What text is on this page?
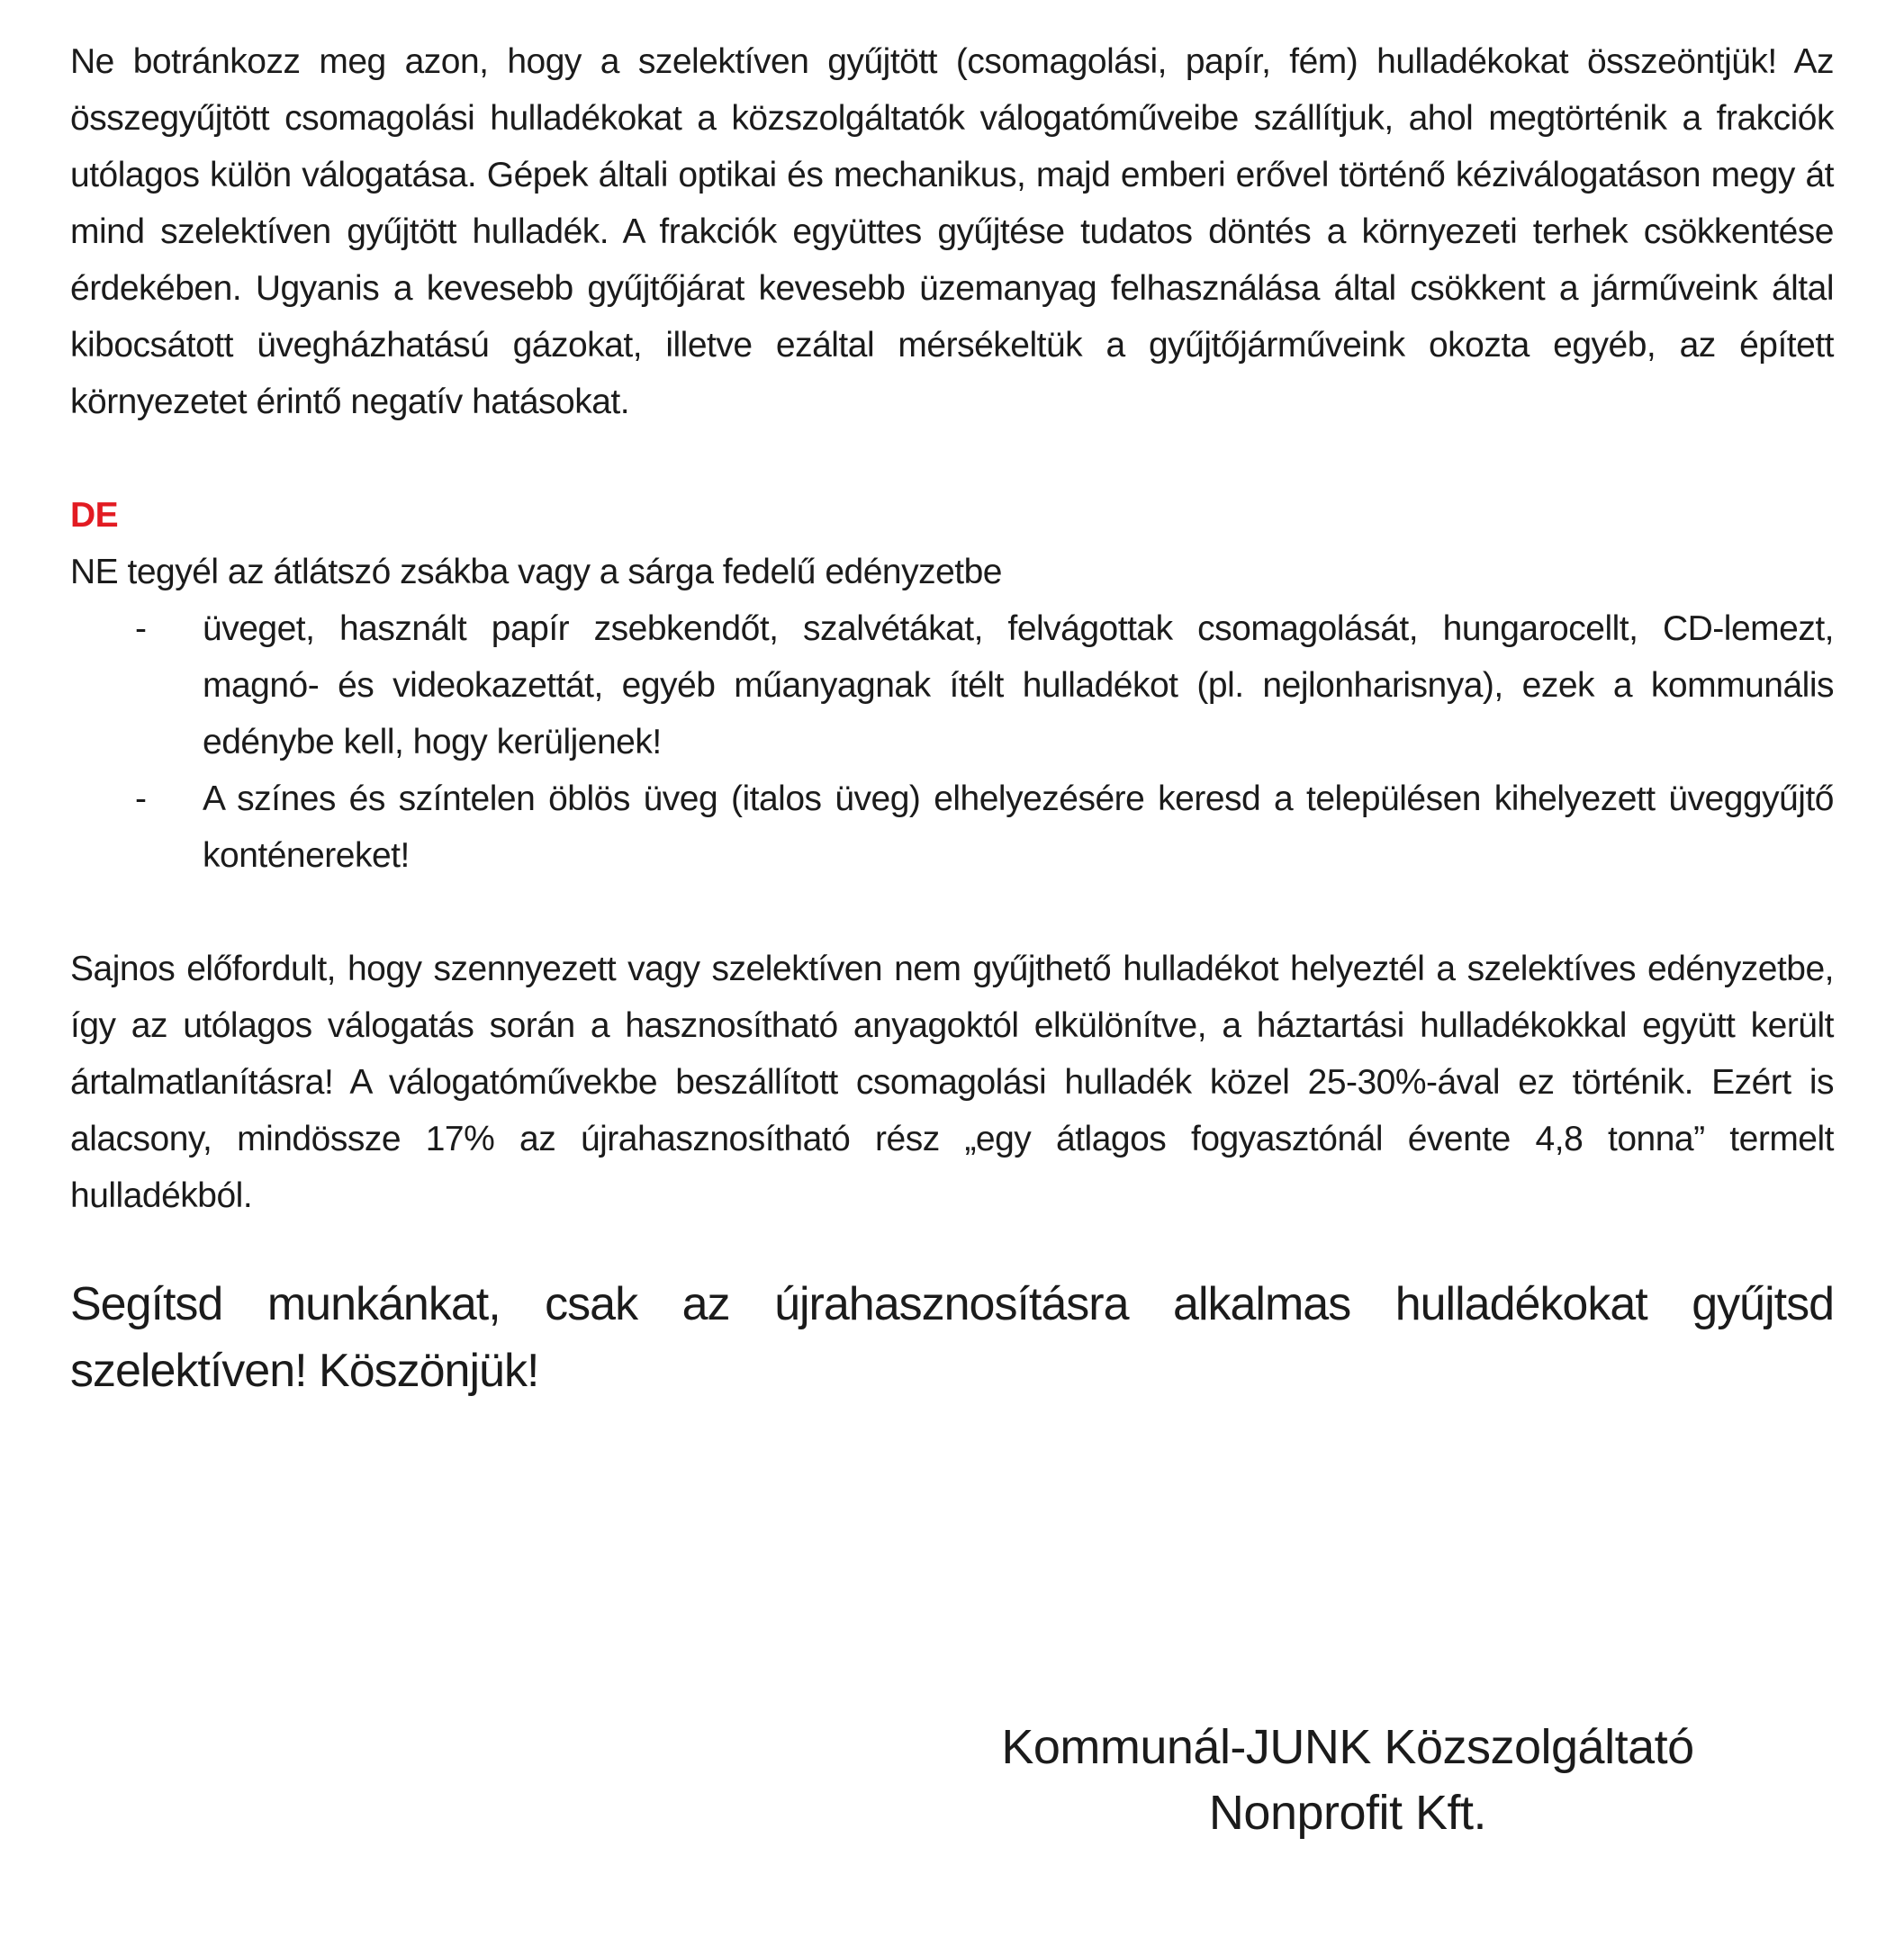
Ne botránkozz meg azon, hogy a szelektíven gyűjtött (csomagolási, papír, fém) hulladékokat összeöntjük! Az összegyűjtött csomagolási hulladékokat a közszolgáltatók válogatóműveibe szállítjuk, ahol megtörténik a frakciók utólagos külön válogatása. Gépek általi optikai és mechanikus, majd emberi erővel történő kéziválogatáson megy át mind szelektíven gyűjtött hulladék. A frakciók együttes gyűjtése tudatos döntés a környezeti terhek csökkentése érdekében. Ugyanis a kevesebb gyűjtőjárat kevesebb üzemanyag felhasználása által csökkent a járműveink által kibocsátott üvegházhatású gázokat, illetve ezáltal mérsékeltük a gyűjtőjárműveink okozta egyéb, az épített környezetet érintő negatív hatásokat.

DE

NE tegyél az átlátszó zsákba vagy a sárga fedelű edényzetbe

-	üveget, használt papír zsebkendőt, szalvétákat, felvágottak csomagolását, hungarocellt, CD-lemezt, magnó- és videokazettát, egyéb műanyagnak ítélt hulladékot (pl. nejlonharisnya), ezek a kommunális edénybe kell, hogy kerüljenek!
-	A színes és színtelen öblös üveg (italos üveg) elhelyezésére keresd a településen kihelyezett üveggyűjtő konténereket!

Sajnos előfordult, hogy szennyezett vagy szelektíven nem gyűjthető hulladékot helyeztél a szelektíves edényzetbe, így az utólagos válogatás során a hasznosítható anyagoktól elkülönítve, a háztartási hulladékokkal együtt került ártalmatlanításra! A válogatóművekbe beszállított csomagolási hulladék közel 25-30%-ával ez történik. Ezért is alacsony, mindössze 17% az újrahasznosítható rész „egy átlagos fogyasztónál évente 4,8 tonna” termelt hulladékból.

Segítsd munkánkat, csak az újrahasznosításra alkalmas hulladékokat gyűjtsd szelektíven! Köszönjük!

Kommunál-JUNK Közszolgáltató
Nonprofit Kft.
